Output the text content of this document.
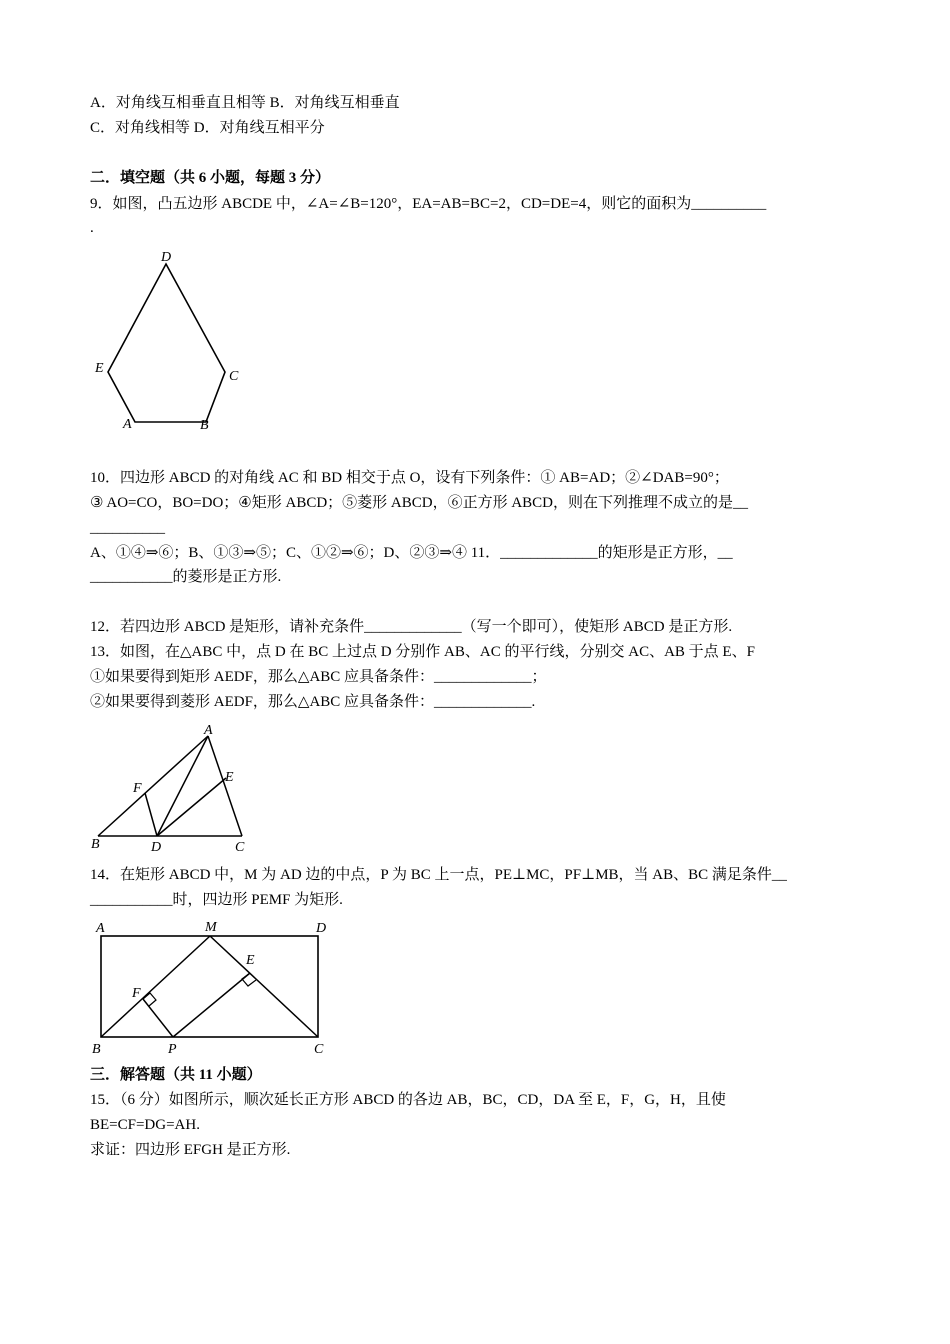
A．对角线互相垂直且相等 B．对角线互相垂直
C．对角线相等 D．对角线互相平分
二．填空题（共 6 小题，每题 3 分）
9．如图，凸五边形 ABCDE 中，∠A=∠B=120°，EA=AB=BC=2，CD=DE=4，则它的面积为__________
.
D
C
E
A	B
10．四边形 ABCD 的对角线 AC 和 BD 相交于点 O，设有下列条件：① AB=AD；②∠DAB=90°；
③ AO=CO，BO=DO；④矩形 ABCD；⑤菱形 ABCD，⑥正方形 ABCD，则在下列推理不成立的是__
__________
A、①④⇒⑥；B、①③⇒⑤；C、①②⇒⑥；D、②③⇒④ 11．_____________的矩形是正方形，__
___________的菱形是正方形.
12．若四边形 ABCD 是矩形，请补充条件_____________（写一个即可），使矩形 ABCD 是正方形.
13．如图，在△ABC 中，点 D 在 BC 上过点 D 分别作 AB、AC 的平行线，分别交 AC、AB 于点 E、F
①如果要得到矩形 AEDF，那么△ABC 应具备条件：_____________；
②如果要得到菱形 AEDF，那么△ABC 应具备条件：_____________.
A
E
F
B	D	C
14．在矩形 ABCD 中，M 为 AD 边的中点，P 为 BC 上一点，PE⊥MC，PF⊥MB，当 AB、BC 满足条件__
___________时，四边形 PEMF 为矩形.
A	M	D
E
F
B	P	C
三．解答题（共 11 小题）
15．（6 分）如图所示，顺次延长正方形 ABCD 的各边 AB，BC，CD，DA 至 E，F，G，H，且使
BE=CF=DG=AH.
求证：四边形 EFGH 是正方形.
